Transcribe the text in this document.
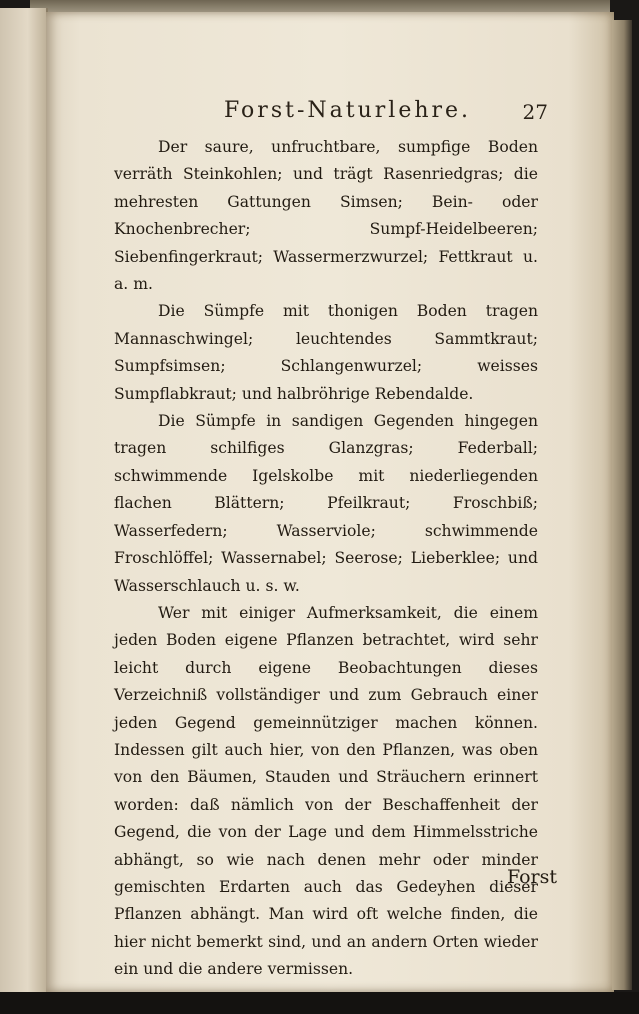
Forst-Naturlehre.	27

Der saure, unfruchtbare, sumpfige Boden verräth Steinkohlen; und trägt Rasenriedgras; die mehresten Gattungen Simsen; Bein- oder Knochenbrecher; Sumpf-Heidelbeeren; Siebenfingerkraut; Wassermerzwurzel; Fettkraut u. a. m.

Die Sümpfe mit thonigen Boden tragen Mannaschwingel; leuchtendes Sammtkraut; Sumpfsimsen; Schlangenwurzel; weisses Sumpflabkraut; und halbröhrige Rebendalde.

Die Sümpfe in sandigen Gegenden hingegen tragen schilfiges Glanzgras; Federball; schwimmende Igelskolbe mit niederliegenden flachen Blättern; Pfeilkraut; Froschbiß; Wasserfedern; Wasserviole; schwimmende Froschlöffel; Wassernabel; Seerose; Lieberklee; und Wasserschlauch u. s. w.

Wer mit einiger Aufmerksamkeit, die einem jeden Boden eigene Pflanzen betrachtet, wird sehr leicht durch eigene Beobachtungen dieses Verzeichniß vollständiger und zum Gebrauch einer jeden Gegend gemeinnütziger machen können. Indessen gilt auch hier, von den Pflanzen, was oben von den Bäumen, Stauden und Sträuchern erinnert worden: daß nämlich von der Beschaffenheit der Gegend, die von der Lage und dem Himmelsstriche abhängt, so wie nach denen mehr oder minder gemischten Erdarten auch das Gedeyhen dieser Pflanzen abhängt. Man wird oft welche finden, die hier nicht bemerkt sind, und an andern Orten wieder ein und die andere vermissen.

Forst
